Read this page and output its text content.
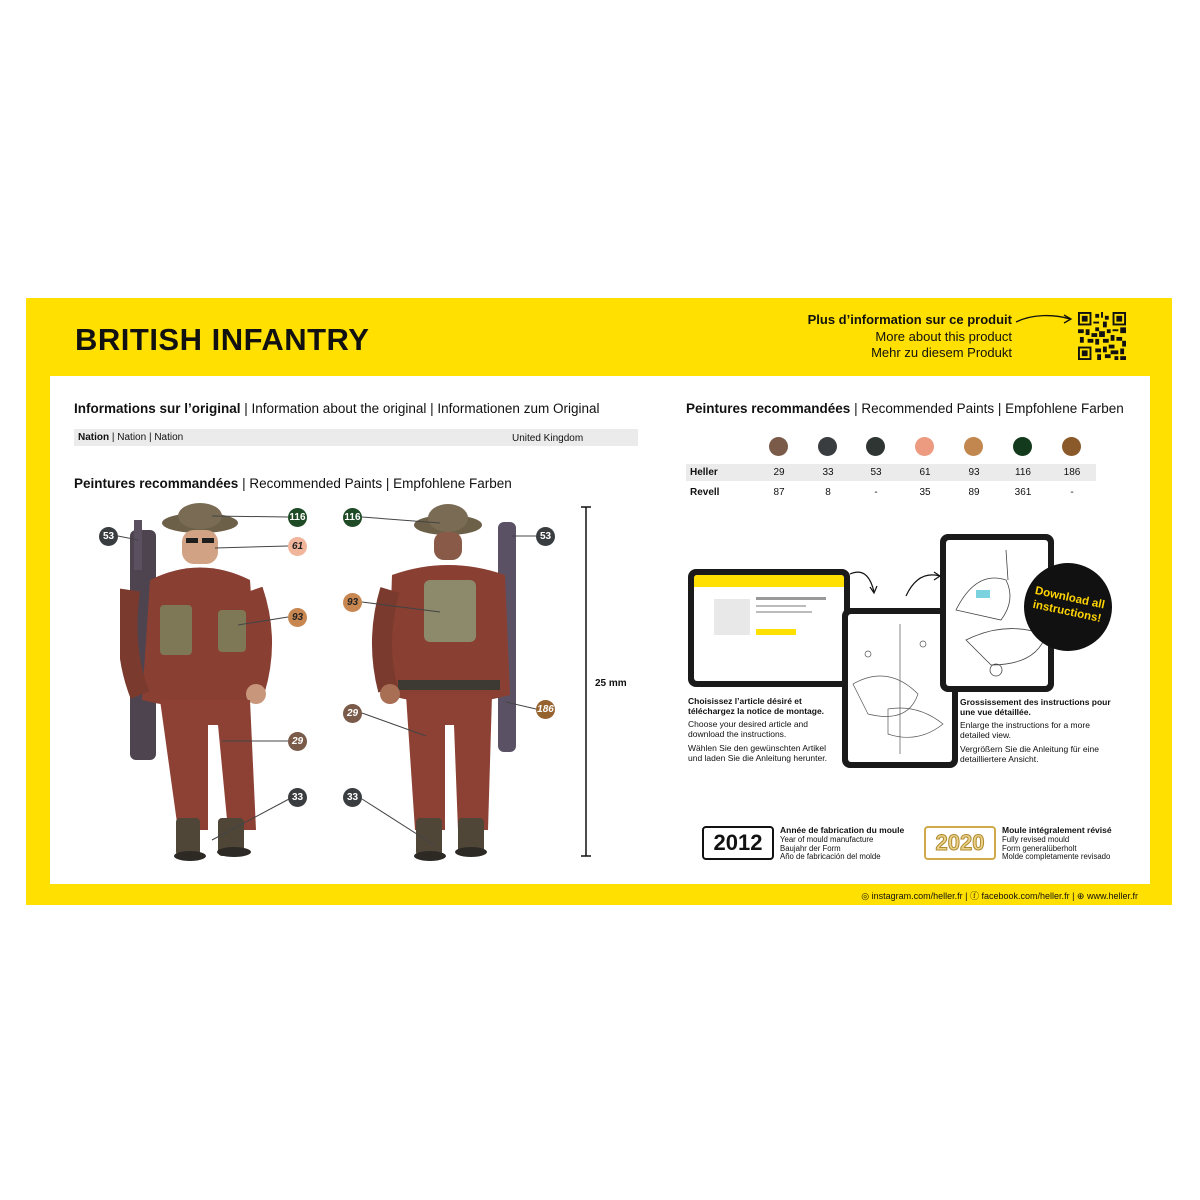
BRITISH INFANTRY
Plus d’information sur ce produit
More about this product
Mehr zu diesem Produkt
Informations sur l’original | Information about the original | Informationen zum Original
Nation | Nation | Nation	United Kingdom
Peintures recommandées | Recommended Paints | Empfohlene Farben
53
116
61
93
29
33
116
53
93
29	186
33
25 mm
Peintures recommandées | Recommended Paints | Empfohlene Farben
Heller	29	33	53	61	93	116	186
Revell	87	8	-	35	89	361	-
Download all instructions!
Choisissez l’article désiré et téléchargez la notice de montage.
Choose your desired article and download the instructions.
Wählen Sie den gewünschten Artikel und laden Sie die Anleitung herunter.
Grossissement des instructions pour une vue détaillée.
Enlarge the instructions for a more detailed view.
Vergrößern Sie die Anleitung für eine detailliertere Ansicht.
2012	Année de fabrication du moule
Year of mould manufacture
Baujahr der Form
Año de fabricación del molde
2020	Moule intégralement révisé
Fully revised mould
Form generalüberholt
Molde completamente revisado
◎ instagram.com/heller.fr | ⓕ facebook.com/heller.fr | ⊕ www.heller.fr
